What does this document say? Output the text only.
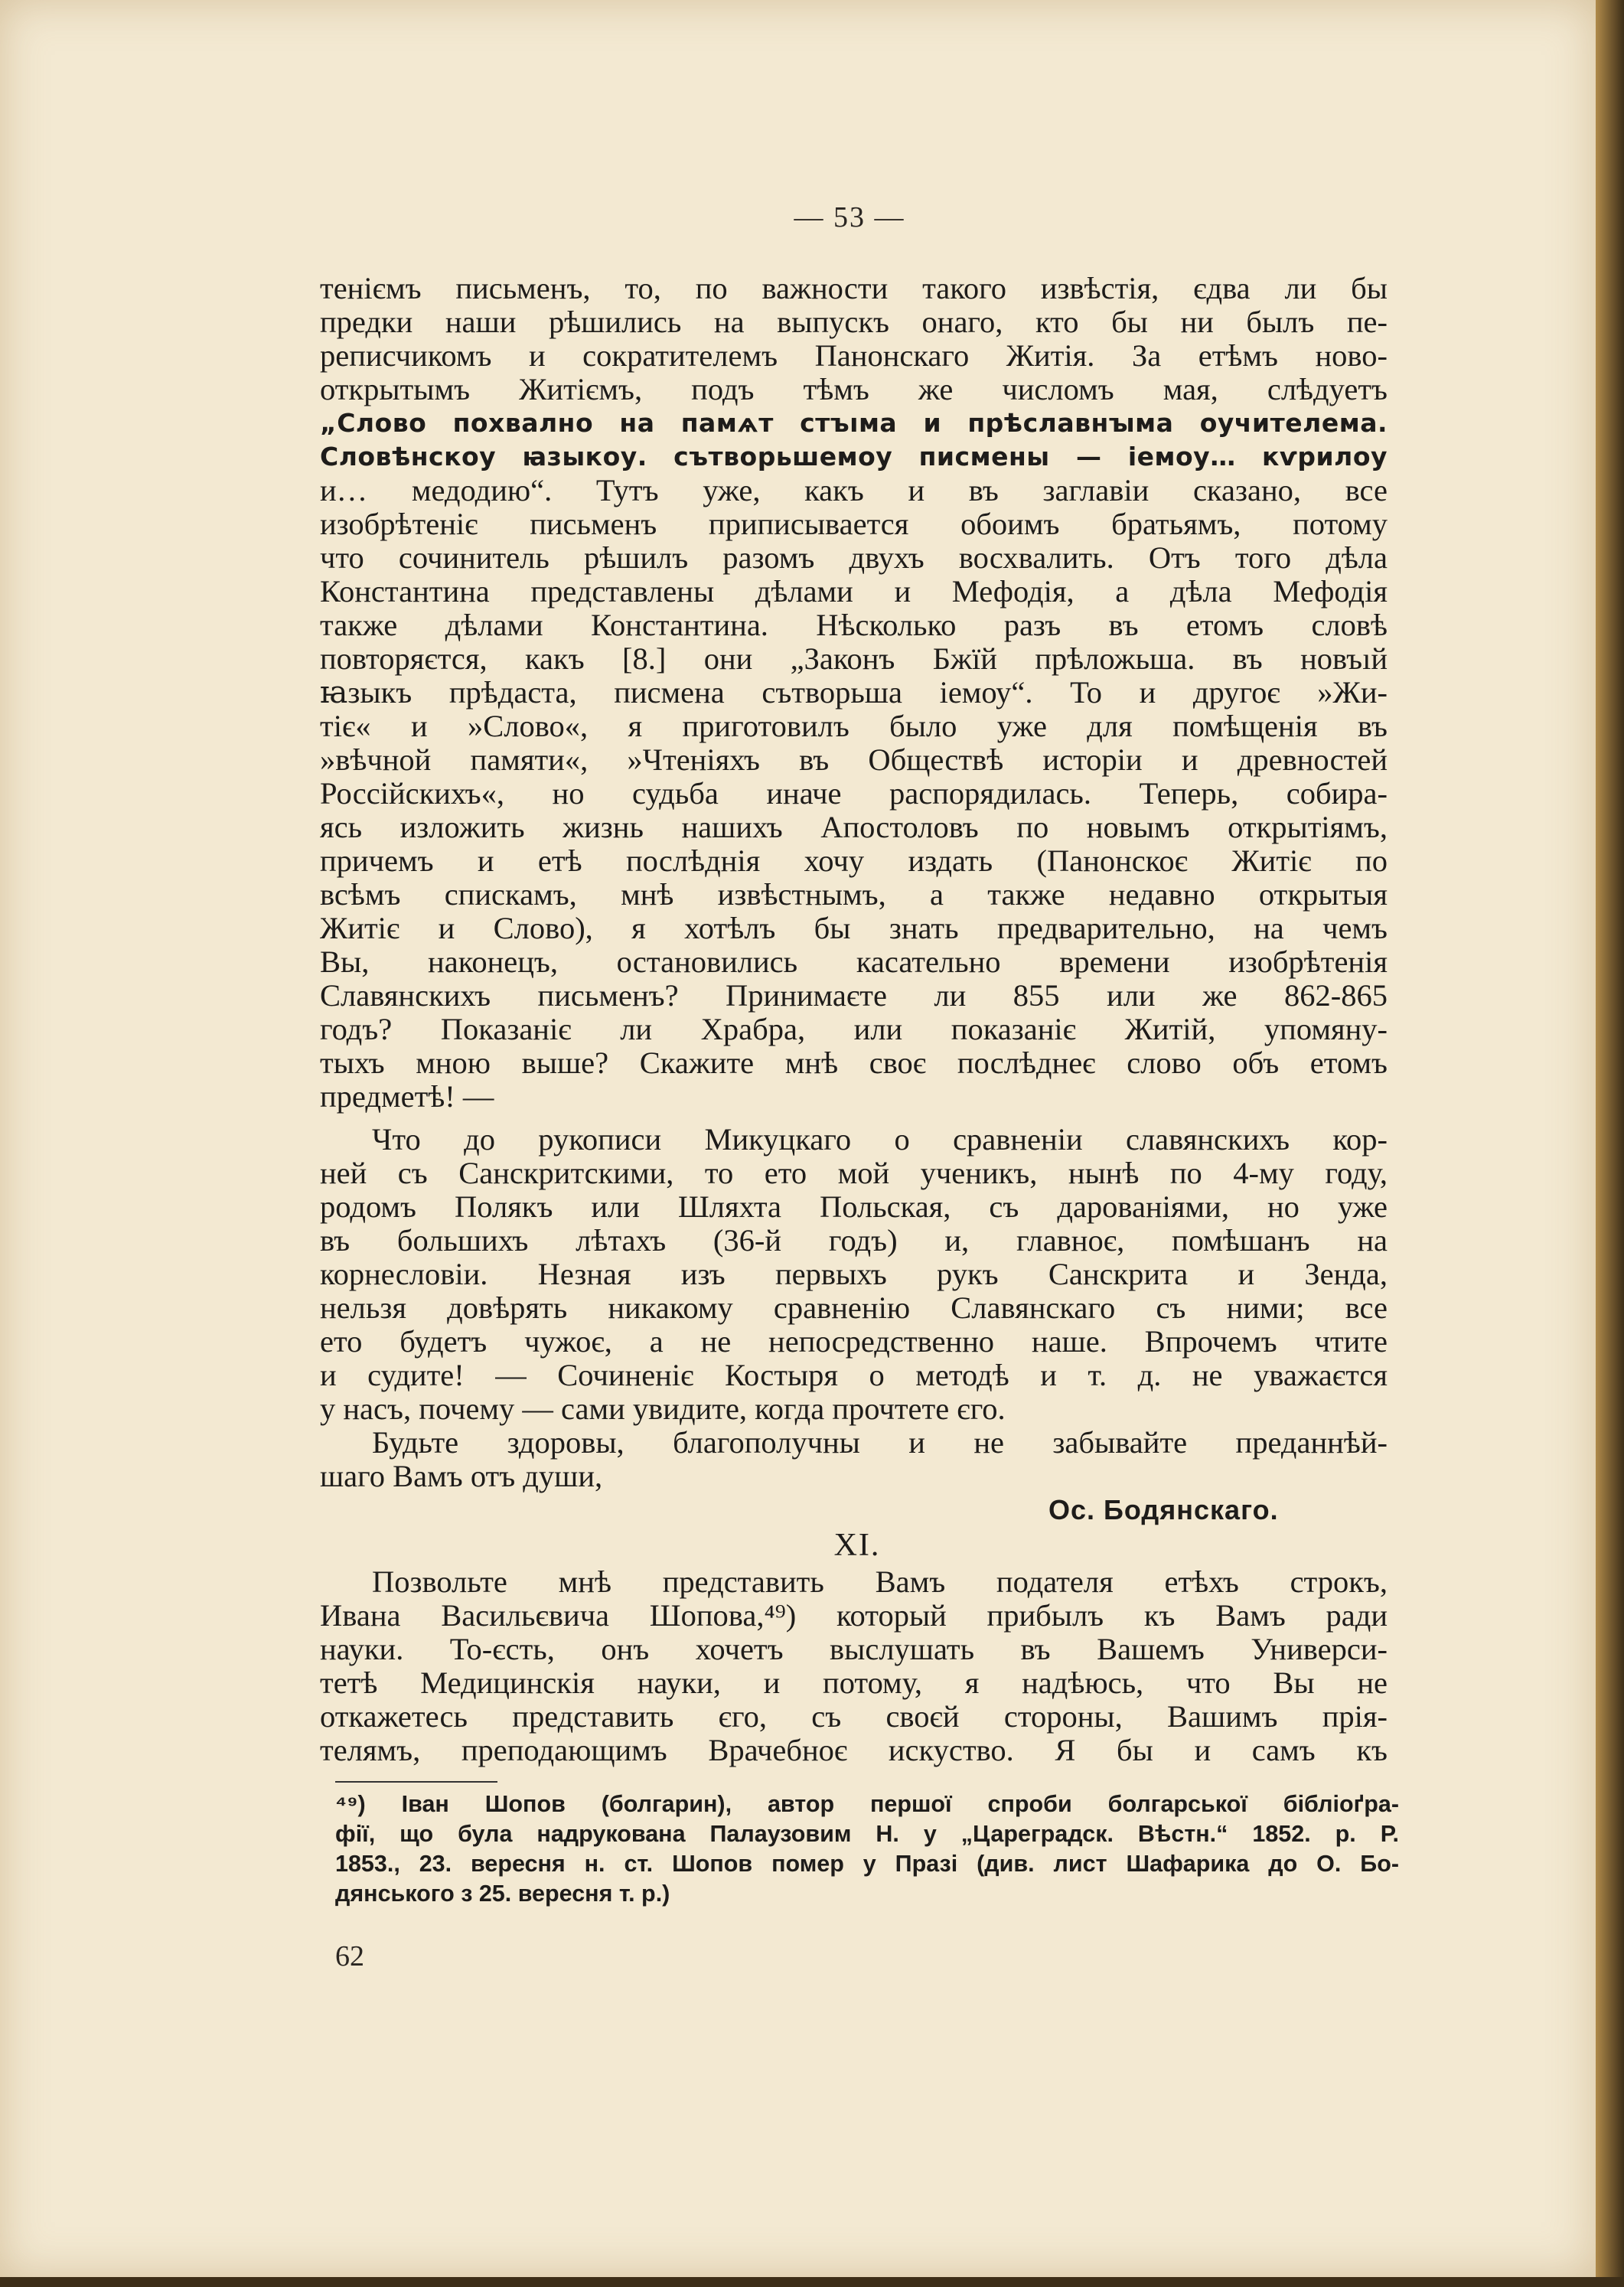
— 53 —
теніємъ письменъ, то, по важности такого извѣстія, єдва ли бы
предки наши рѣшились на выпускъ онаго, кто бы ни былъ пе-
реписчикомъ и сократителемъ Панонскаго Житія. За етѣмъ ново-
открытымъ Житіємъ, подъ тѣмъ же числомъ мая, слѣдуетъ
„Слово похвално на памѧт стъıма и прѣславнꙑма оучителема.
Словѣнскоу ꙗзыкоу. сътворьшемоу писмены — iемоу… кѵрилоу
и… медодию“. Тутъ уже, какъ и въ заглавіи сказано, все
изобрѣтеніє письменъ приписывается обоимъ братьямъ, потому
что сочинитель рѣшилъ разомъ двухъ восхвалить. Отъ того дѣла
Константина представлены дѣлами и Мефодія, а дѣла Мефодія
также дѣлами Константина. Нѣсколько разъ въ етомъ словѣ
повторяєтся, какъ [8.] они „Законъ Бжїй прѣложьша. въ новъıй
ꙗзыкъ прѣдаста, писмена сътворьша iемоу“. То и другоє »Жи-
тіє« и »Слово«, я приготовилъ было уже для помѣщенія въ
»вѣчной памяти«, »Чтеніяхъ въ Обществѣ исторіи и древностей
Россійскихъ«, но судьба иначе распорядилась. Теперь, собира-
ясь изложить жизнь нашихъ Апостоловъ по новымъ открытіямъ,
причемъ и етѣ послѣднія хочу издать (Панонскоє Житіє по
всѣмъ спискамъ, мнѣ извѣстнымъ, а также недавно открытыя
Житіє и Слово), я хотѣлъ бы знать предварительно, на чемъ
Вы, наконецъ, остановились касательно времени изобрѣтенія
Славянскихъ письменъ? Принимаєте ли 855 или же 862-865
годъ? Показаніє ли Храбра, или показаніє Житій, упомяну-
тыхъ мною выше? Скажите мнѣ своє послѣднеє слово объ етомъ
предметѣ! —
Что до рукописи Микуцкаго о сравненіи славянскихъ кор-
ней съ Санскритскими, то ето мой ученикъ, нынѣ по 4-му году,
родомъ Полякъ или Шляхта Польская, съ дарованіями, но уже
въ большихъ лѣтахъ (36-й годъ) и, главноє, помѣшанъ на
корнесловіи. Незная изъ первыхъ рукъ Санскрита и Зенда,
нельзя довѣрять никакому сравненію Славянскаго съ ними; все
ето будетъ чужоє, а не непосредственно наше. Впрочемъ чтите
и судите! — Сочиненіє Костыря о методѣ и т. д. не уважаєтся
у насъ, почему — сами увидите, когда прочтете єго.
Будьте здоровы, благополучны и не забывайте преданнѣй-
шаго Вамъ отъ души,
Ос. Бодянскаго.
XI.
Позвольте мнѣ представить Вамъ подателя етѣхъ строкъ,
Ивана Васильєвича Шопова,⁴⁹) который прибылъ къ Вамъ ради
науки. То-єсть, онъ хочетъ выслушать въ Вашемъ Универси-
тетѣ Медицинскія науки, и потому, я надѣюсь, что Вы не
откажетесь представить єго, съ своєй стороны, Вашимъ прія-
телямъ, преподающимъ Врачебноє искуство. Я бы и самъ къ
⁴⁹) Іван Шопов (болгарин), автор першої спроби болгарської бібліоґра-
фії, що була надрукована Палаузовим Н. у „Цареградск. Вѣстн.“ 1852. р. Р.
1853., 23. вересня н. ст. Шопов помер у Празі (див. лист Шафарика до О. Бо-
дянського з 25. вересня т. р.)
62
